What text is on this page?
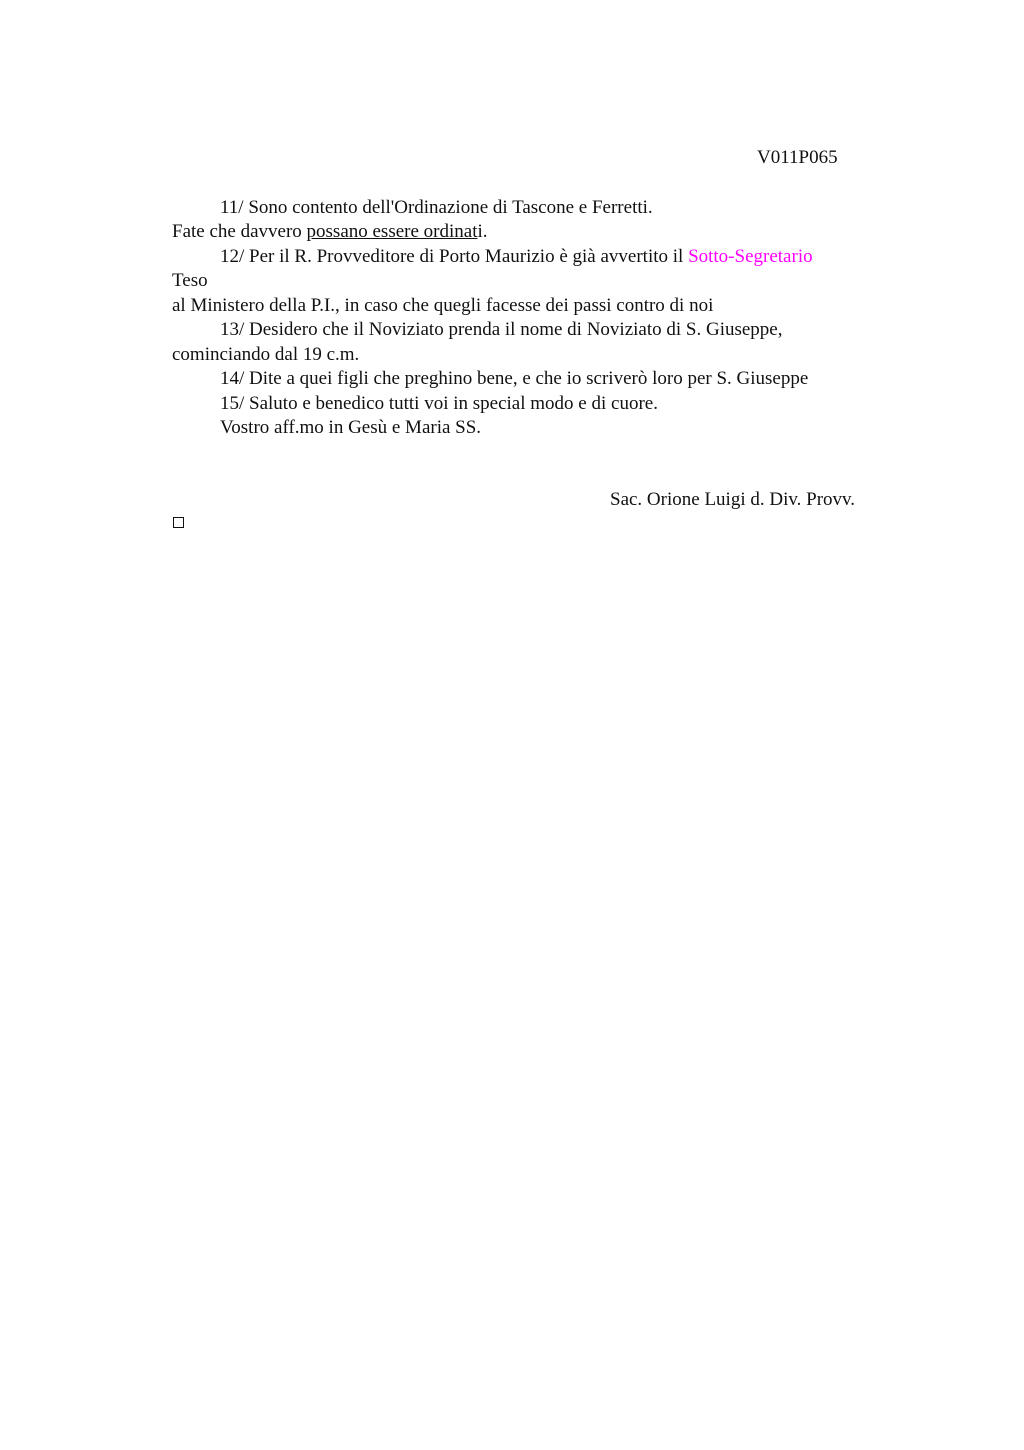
V011P065
11/ Sono contento dell'Ordinazione di Tascone e Ferretti.
Fate che davvero possano essere ordinati.
12/ Per il R. Provveditore di Porto Maurizio è già avvertito il Sotto-Segretario
Teso
al Ministero della P.I., in caso che quegli facesse dei passi contro di noi
13/ Desidero che il Noviziato prenda il nome di Noviziato di S. Giuseppe,
cominciando dal 19 c.m.
14/ Dite a quei figli che preghino bene, e che io scriverò loro per S. Giuseppe
15/ Saluto e benedico tutti voi in special modo e di cuore.
Vostro aff.mo in Gesù e Maria SS.
Sac. Orione Luigi d. Div. Provv.
